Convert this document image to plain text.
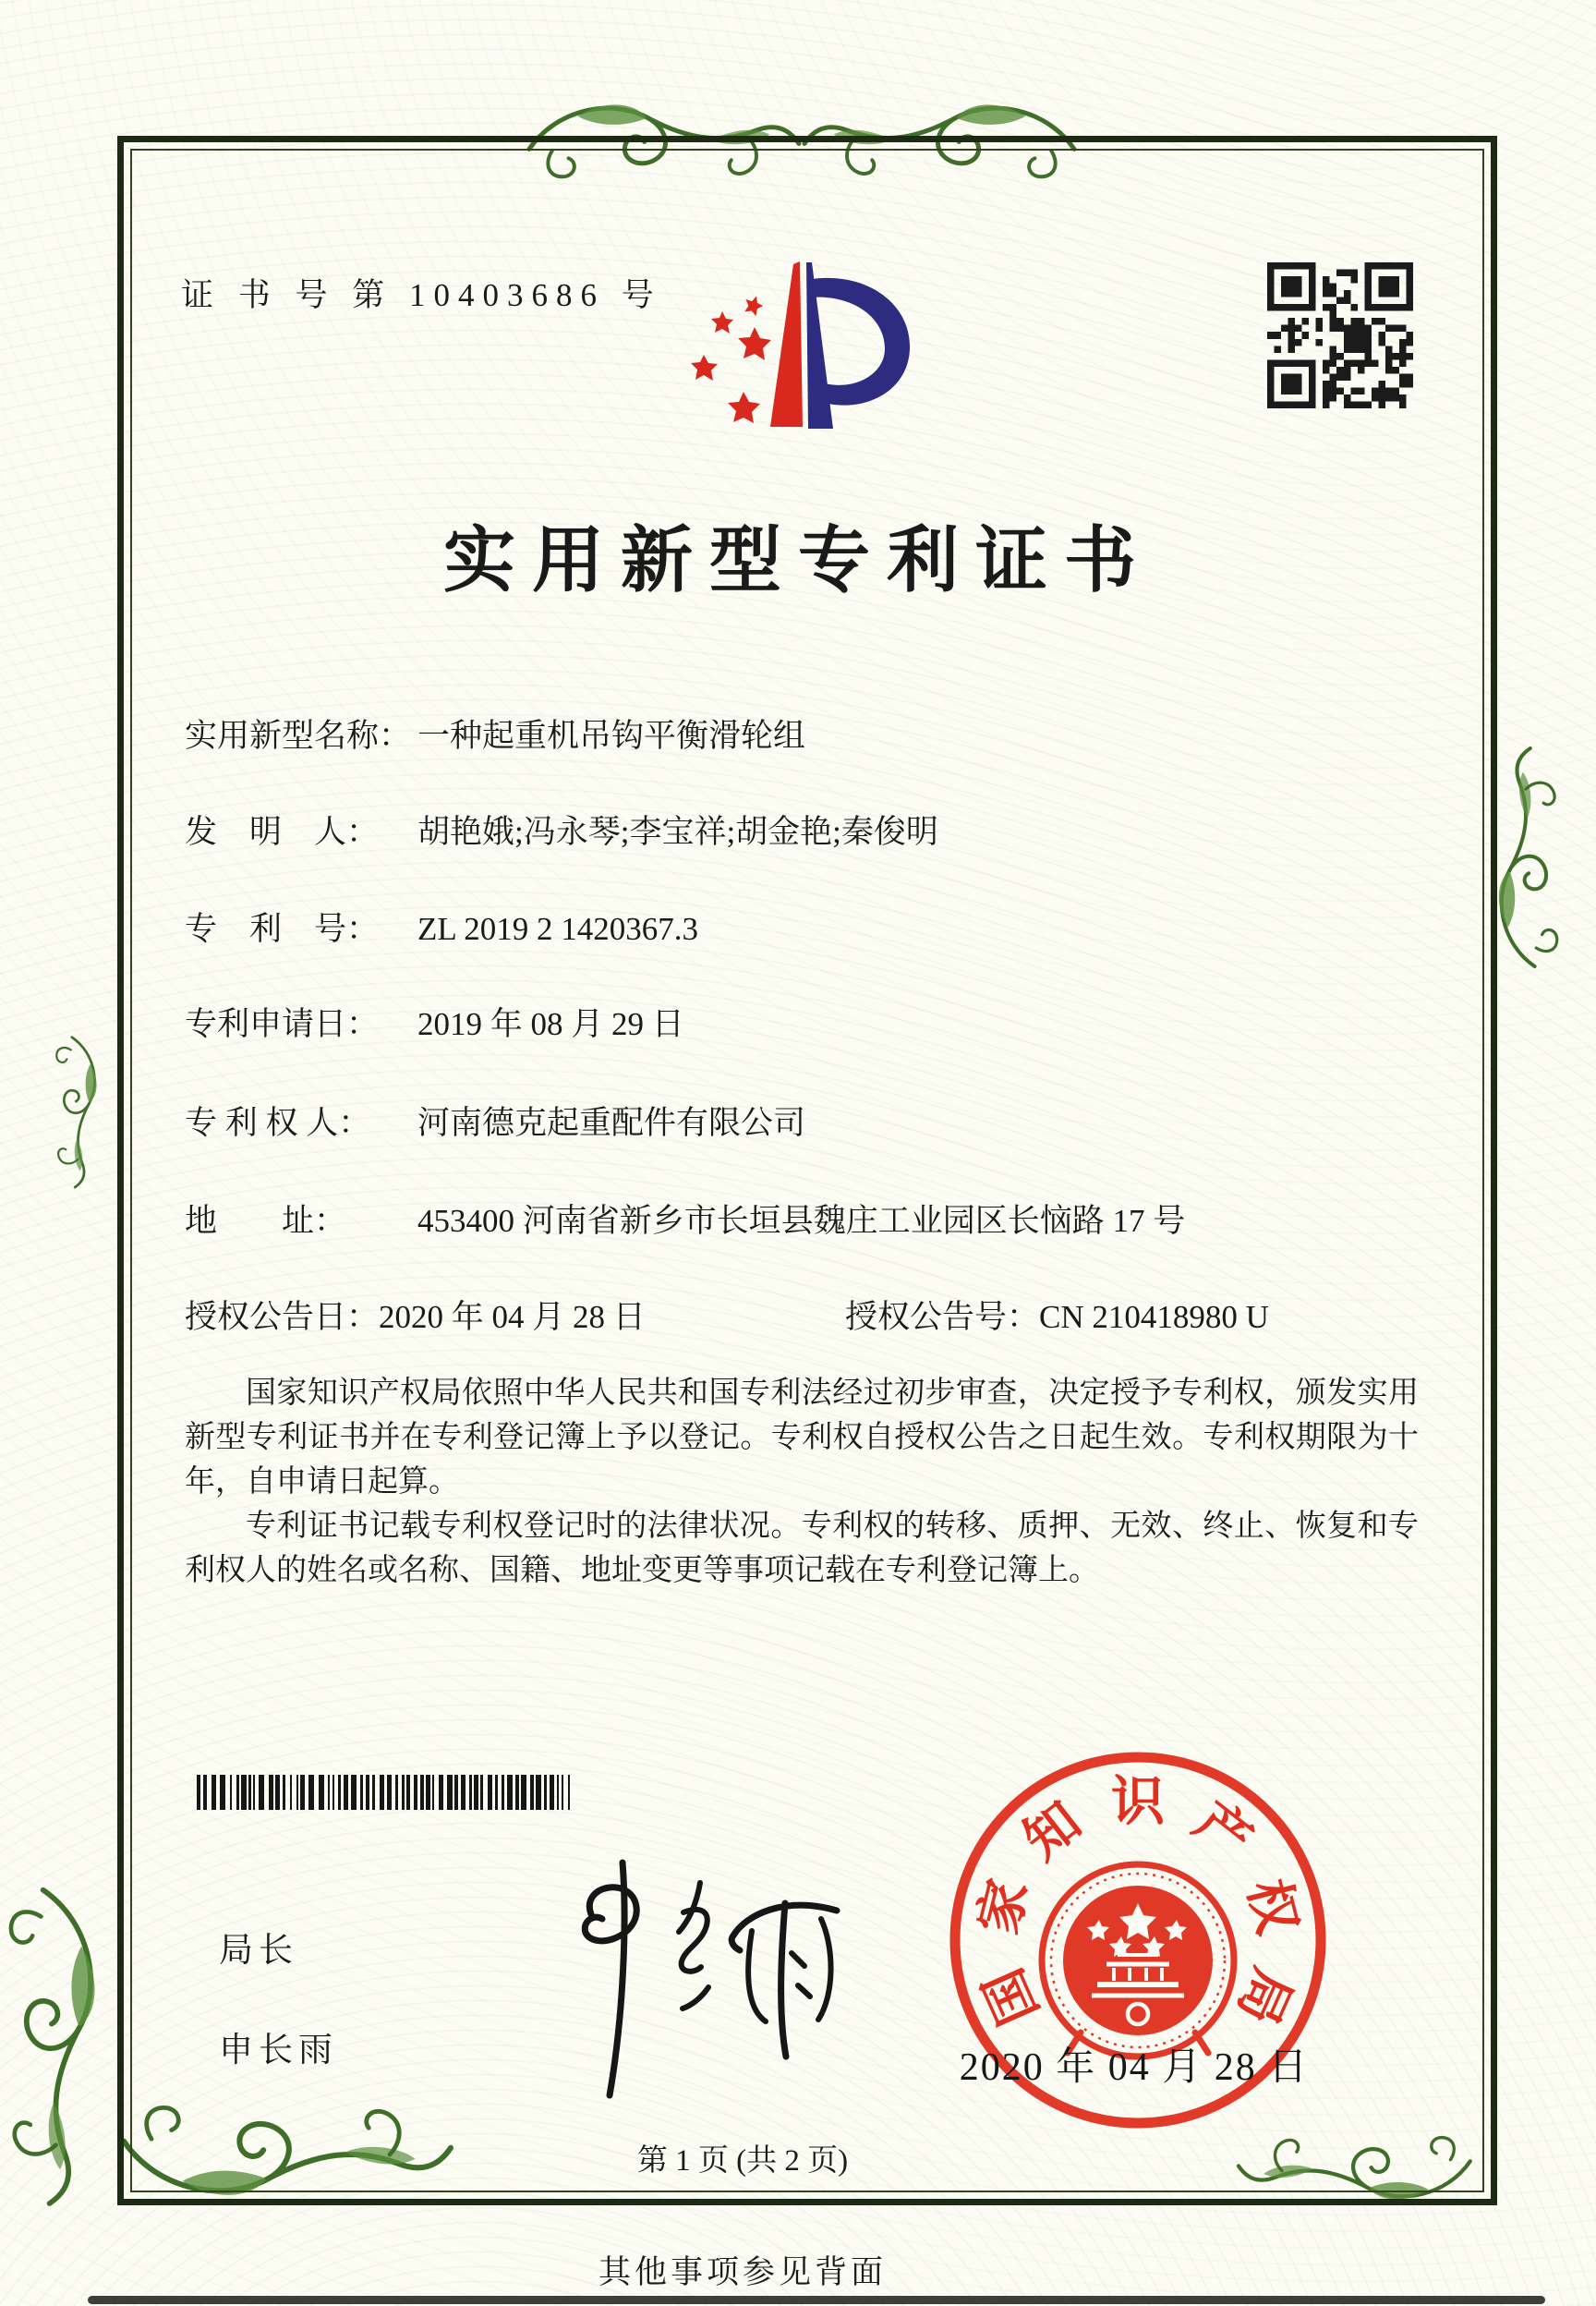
证 书 号 第 10403686 号
实用新型专利证书
实用新型名称： 一种起重机吊钩平衡滑轮组
发　明　人： 胡艳娥;冯永琴;李宝祥;胡金艳;秦俊明
专　利　号： ZL 2019 2 1420367.3
专利申请日： 2019 年 08 月 29 日
专 利 权 人： 河南德克起重配件有限公司
地　　址： 453400 河南省新乡市长垣县魏庄工业园区长恼路 17 号
授权公告日：2020 年 04 月 28 日	授权公告号：CN 210418980 U

国家知识产权局依照中华人民共和国专利法经过初步审查，决定授予专利权，颁发实用新型专利证书并在专利登记簿上予以登记。专利权自授权公告之日起生效。专利权期限为十年，自申请日起算。

专利证书记载专利权登记时的法律状况。专利权的转移、质押、无效、终止、恢复和专利权人的姓名或名称、国籍、地址变更等事项记载在专利登记簿上。

局长
申长雨
国
家
知 识 产
权
局
2020 年 04 月 28 日
第 1 页 (共 2 页)
其他事项参见背面
